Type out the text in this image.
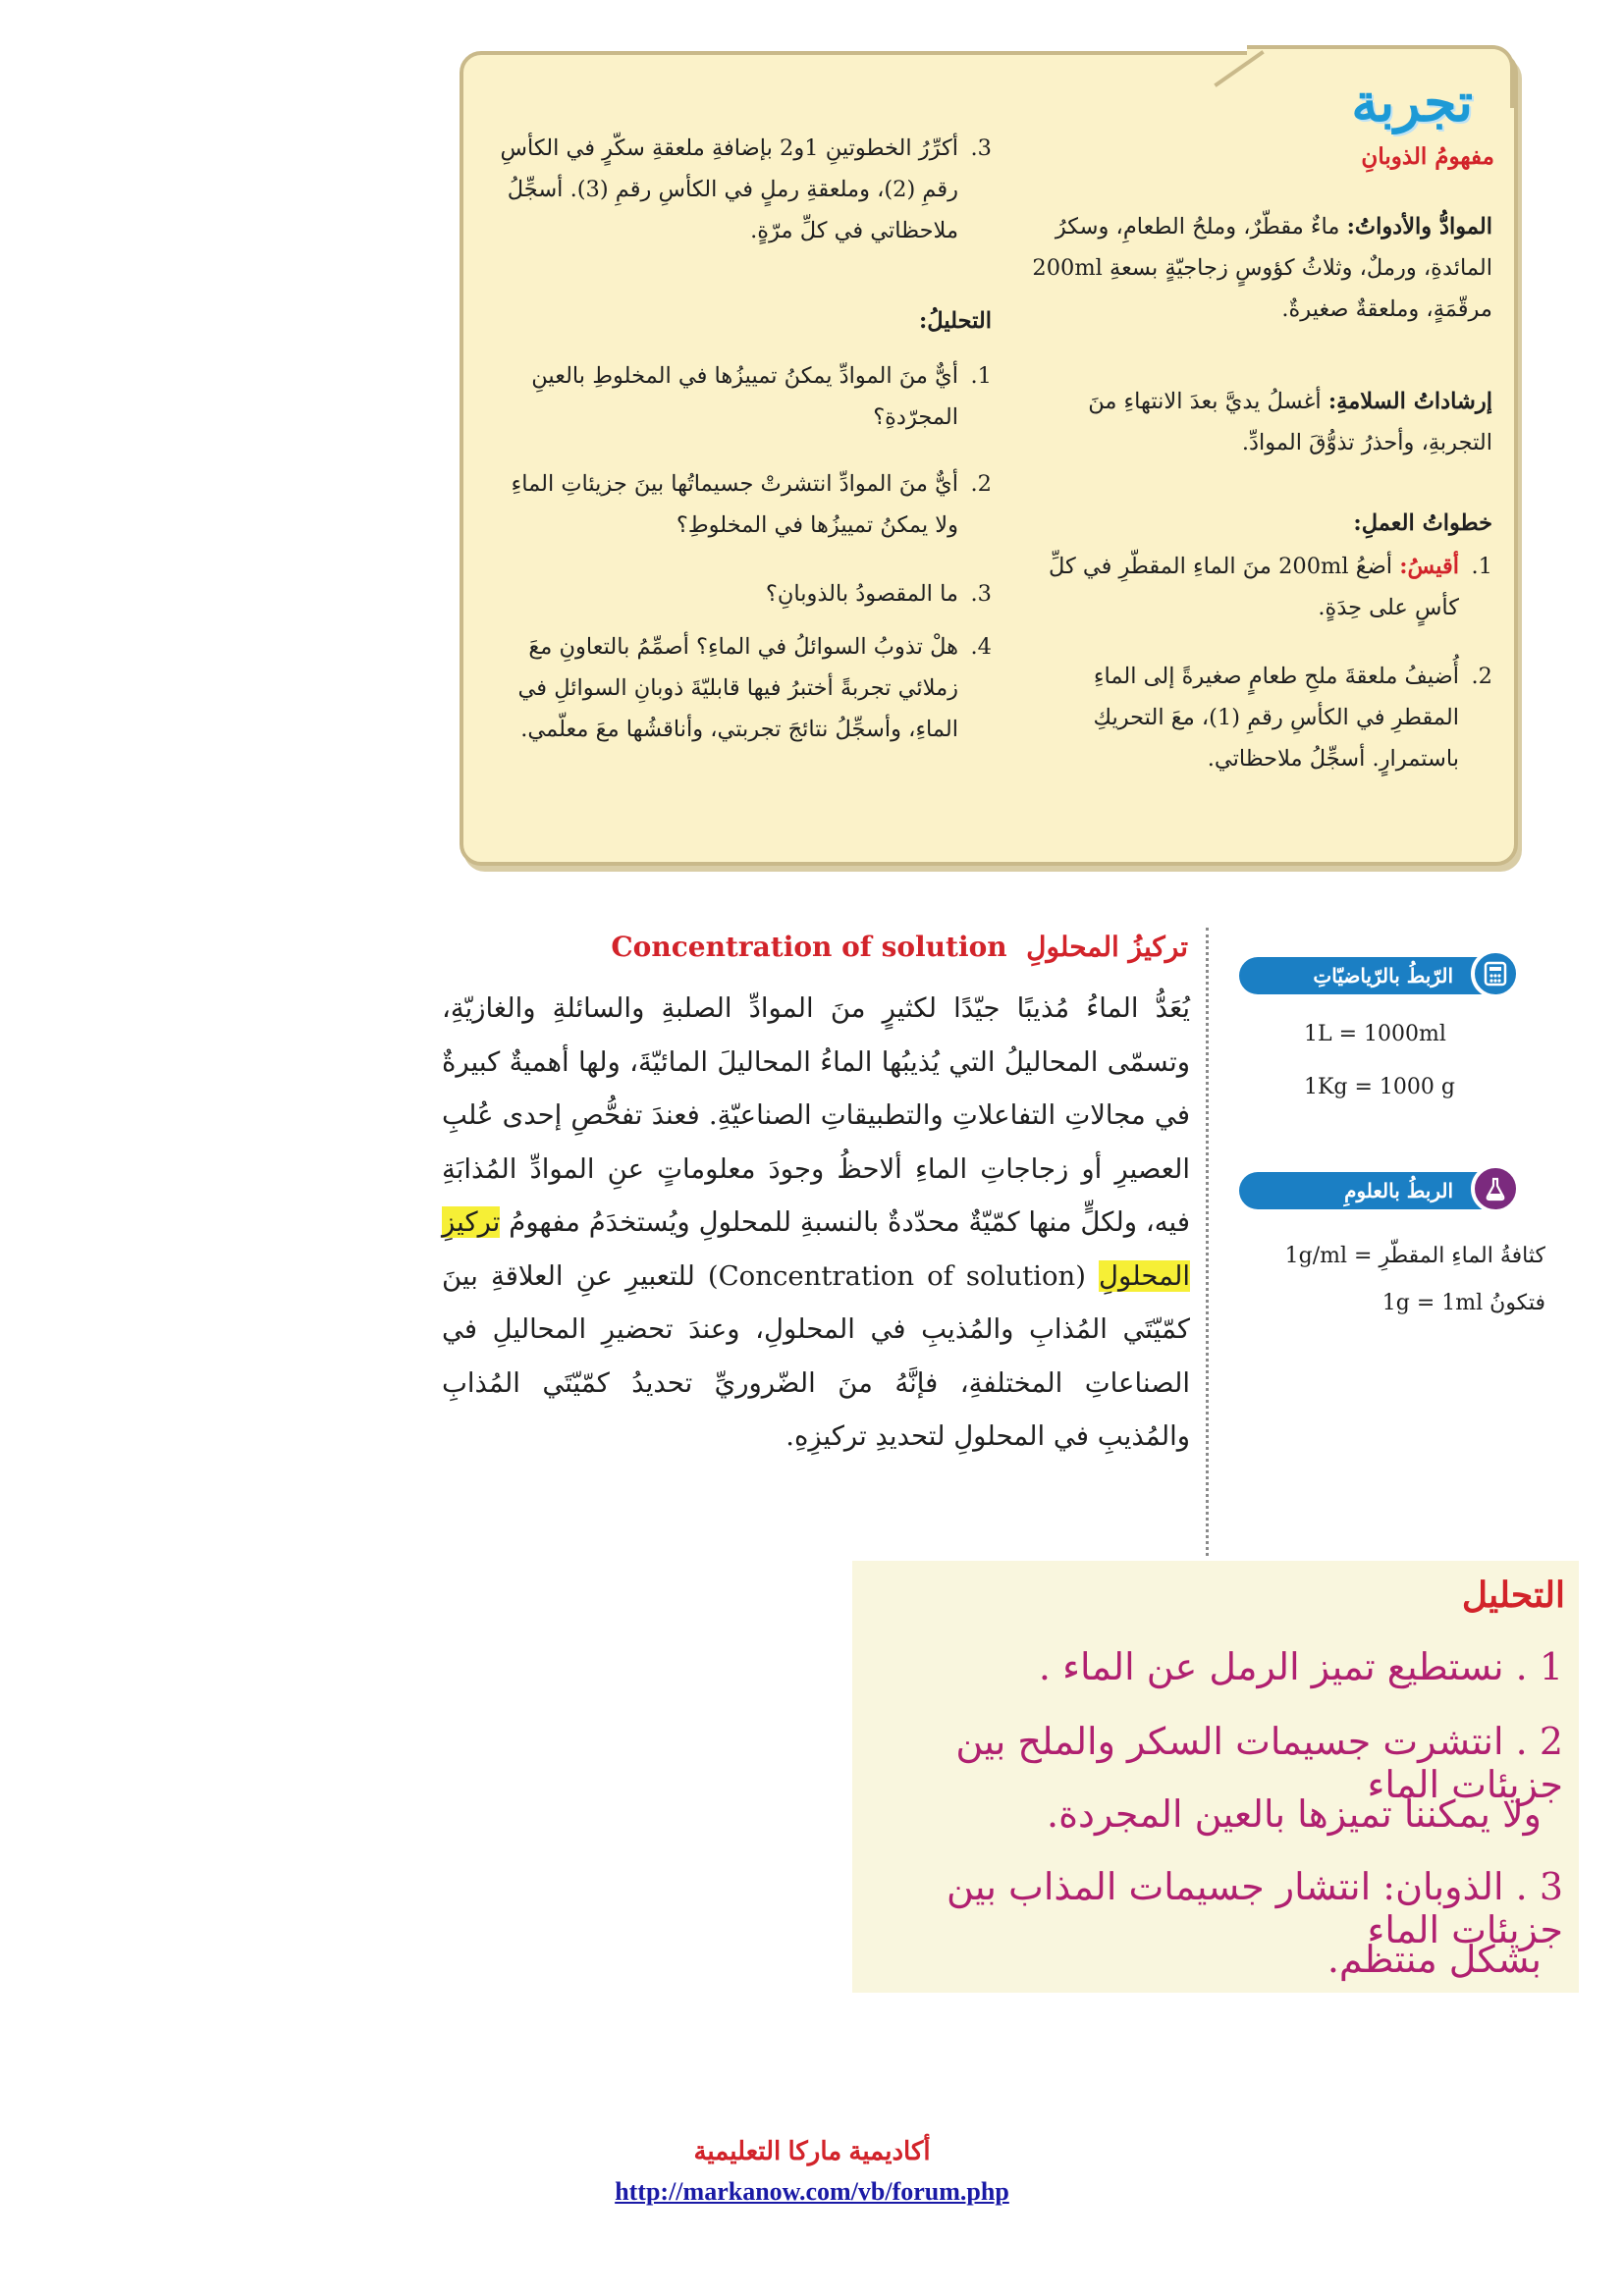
تجربة
مفهومُ الذوبانِ
الموادُّ والأدواتُ: ماءٌ مقطّرٌ، وملحُ الطعامِ، وسكرُ المائدةِ، ورملٌ، وثلاثُ كؤوسٍ زجاجيّةٍ بسعةِ 200ml مرقّمَةٍ، وملعقةٌ صغيرةٌ.
إرشاداتُ السلامةِ: أغسلُ يديَّ بعدَ الانتهاءِ منَ التجربةِ، وأحذرُ تذوُّقَ الموادِّ.
خطواتُ العملِ:
1.
أقيسُ: أضعُ 200ml منَ الماءِ المقطّرِ في كلِّ كأسٍ على حِدَةٍ.
2.
أُضيفُ ملعقةَ ملحِ طعامٍ صغيرةً إلى الماءِ المقطرِ في الكأسِ رقمِ (1)، معَ التحريكِ باستمرارٍ. أسجِّلُ ملاحظاتي.
3.
أكرِّرُ الخطوتينِ 1و2 بإضافةِ ملعقةِ سكّرٍ في الكأسِ رقمِ (2)، وملعقةِ رملٍ في الكأسِ رقمِ (3). أسجِّلُ ملاحظاتي في كلِّ مرّةٍ.
التحليلُ:
1.
أيٌّ منَ الموادِّ يمكنُ تمييزُها في المخلوطِ بالعينِ المجرّدةِ؟
2.
أيٌّ منَ الموادِّ انتشرتْ جسيماتُها بينَ جزيئاتِ الماءِ ولا يمكنُ تمييزُها في المخلوطِ؟
3.
ما المقصودُ بالذوبانِ؟
4.
هلْ تذوبُ السوائلُ في الماءِ؟ أصمِّمُ بالتعاونِ معَ زملائي تجربةً أختبرُ فيها قابليّةَ ذوبانِ السوائلِ في الماءِ، وأسجِّلُ نتائجَ تجربتي، وأناقشُها معَ معلّمي.
تركيزُ المحلولِ  Concentration of solution
يُعَدُّ الماءُ مُذيبًا جيّدًا لكثيرٍ منَ الموادِّ الصلبةِ والسائلةِ والغازيّةِ، وتسمّى المحاليلُ التي يُذيبُها الماءُ المحاليلَ المائيّةَ، ولها أهميةٌ كبيرةٌ في مجالاتِ التفاعلاتِ والتطبيقاتِ الصناعيّةِ. فعندَ تفحُّصِ إحدى عُلبِ العصيرِ أو زجاجاتِ الماءِ ألاحظُ وجودَ معلوماتٍ عنِ الموادِّ المُذابَةِ فيه، ولكلٍّ منها كمّيّةٌ محدّدةٌ بالنسبةِ للمحلولِ ويُستخدَمُ مفهومُ تركيزِ المحلولِ (Concentration of solution) للتعبيرِ عنِ العلاقةِ بينَ كمّيّتَي المُذابِ والمُذيبِ في المحلولِ، وعندَ تحضيرِ المحاليلِ في الصناعاتِ المختلفةِ، فإنَّهُ منَ الضّروريِّ تحديدُ كمّيّتَي المُذابِ والمُذيبِ في المحلولِ لتحديدِ تركيزِهِ.
الرّبطُ بالرّياضيّاتِ
1L = 1000ml
1Kg = 1000 g
الربطُ بالعلومِ
كثافةُ الماءِ المقطّرِ = 1g/ml
فتكونُ 1g = 1ml
التحليل
1 . نستطيع تميز الرمل عن الماء .
2 . انتشرت جسيمات السكر والملح بين جزيئات الماء
ولا يمكننا تميزها بالعين المجردة.
3 . الذوبان: انتشار جسيمات المذاب بين جزيئات الماء
بشكل منتظم.
أكاديمية ماركا التعليمية
http://markanow.com/vb/forum.php
